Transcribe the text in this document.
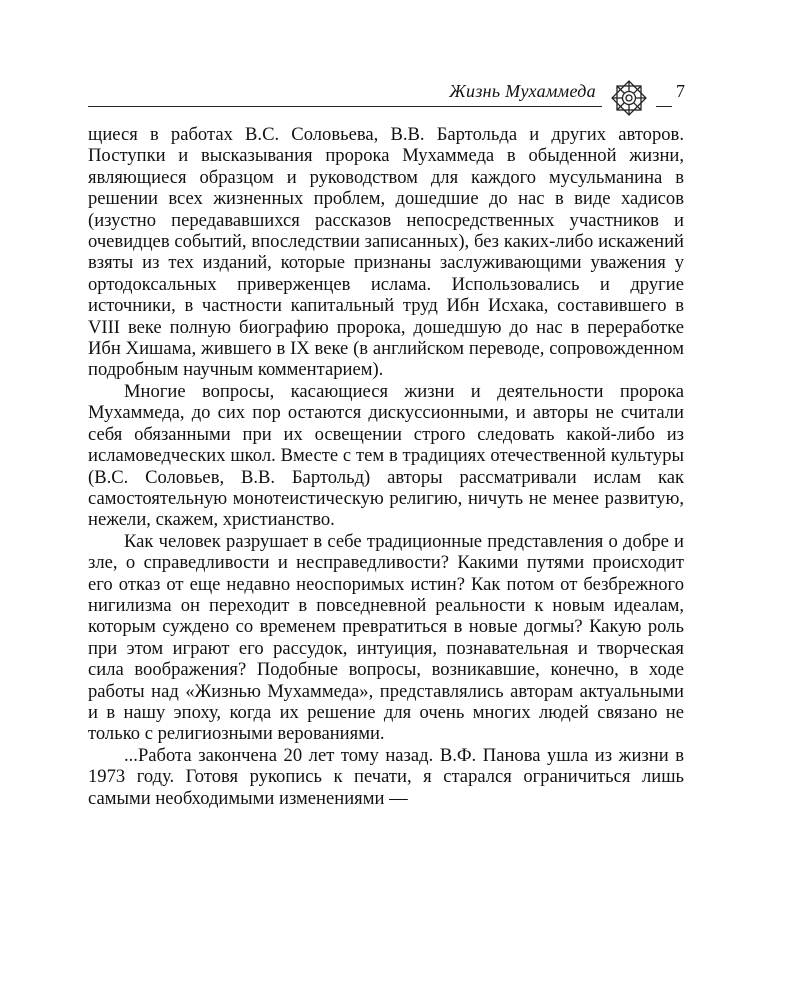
Жизнь Мухаммеда	7

щиеся в работах В.С. Соловьева, В.В. Бартольда и других авторов. Поступки и высказывания пророка Мухаммеда в обыденной жизни, являющиеся образцом и руководством для каждого мусульманина в решении всех жизненных проблем, дошедшие до нас в виде хадисов (изустно передававшихся рассказов непосредственных участников и очевидцев событий, впоследствии записанных), без каких-либо искажений взяты из тех изданий, которые признаны заслуживающими уважения у ортодоксальных приверженцев ислама. Использовались и другие источники, в частности капитальный труд Ибн Исхака, составившего в VIII веке полную биографию пророка, дошедшую до нас в переработке Ибн Хишама, жившего в IX веке (в английском переводе, сопровожденном подробным научным комментарием).

Многие вопросы, касающиеся жизни и деятельности пророка Мухаммеда, до сих пор остаются дискуссионными, и авторы не считали себя обязанными при их освещении строго следовать какой-либо из исламоведческих школ. Вместе с тем в традициях отечественной культуры (В.С. Соловьев, В.В. Бартольд) авторы рассматривали ислам как самостоятельную монотеистическую религию, ничуть не менее развитую, нежели, скажем, христианство.

Как человек разрушает в себе традиционные представления о добре и зле, о справедливости и несправедливости? Какими путями происходит его отказ от еще недавно неоспоримых истин? Как потом от безбрежного нигилизма он переходит в повседневной реальности к новым идеалам, которым суждено со временем превратиться в новые догмы? Какую роль при этом играют его рассудок, интуиция, познавательная и творческая сила воображения? Подобные вопросы, возникавшие, конечно, в ходе работы над «Жизнью Мухаммеда», представлялись авторам актуальными и в нашу эпоху, когда их решение для очень многих людей связано не только с религиозными верованиями.

...Работа закончена 20 лет тому назад. В.Ф. Панова ушла из жизни в 1973 году. Готовя рукопись к печати, я старался ограничиться лишь самыми необходимыми изменениями —
